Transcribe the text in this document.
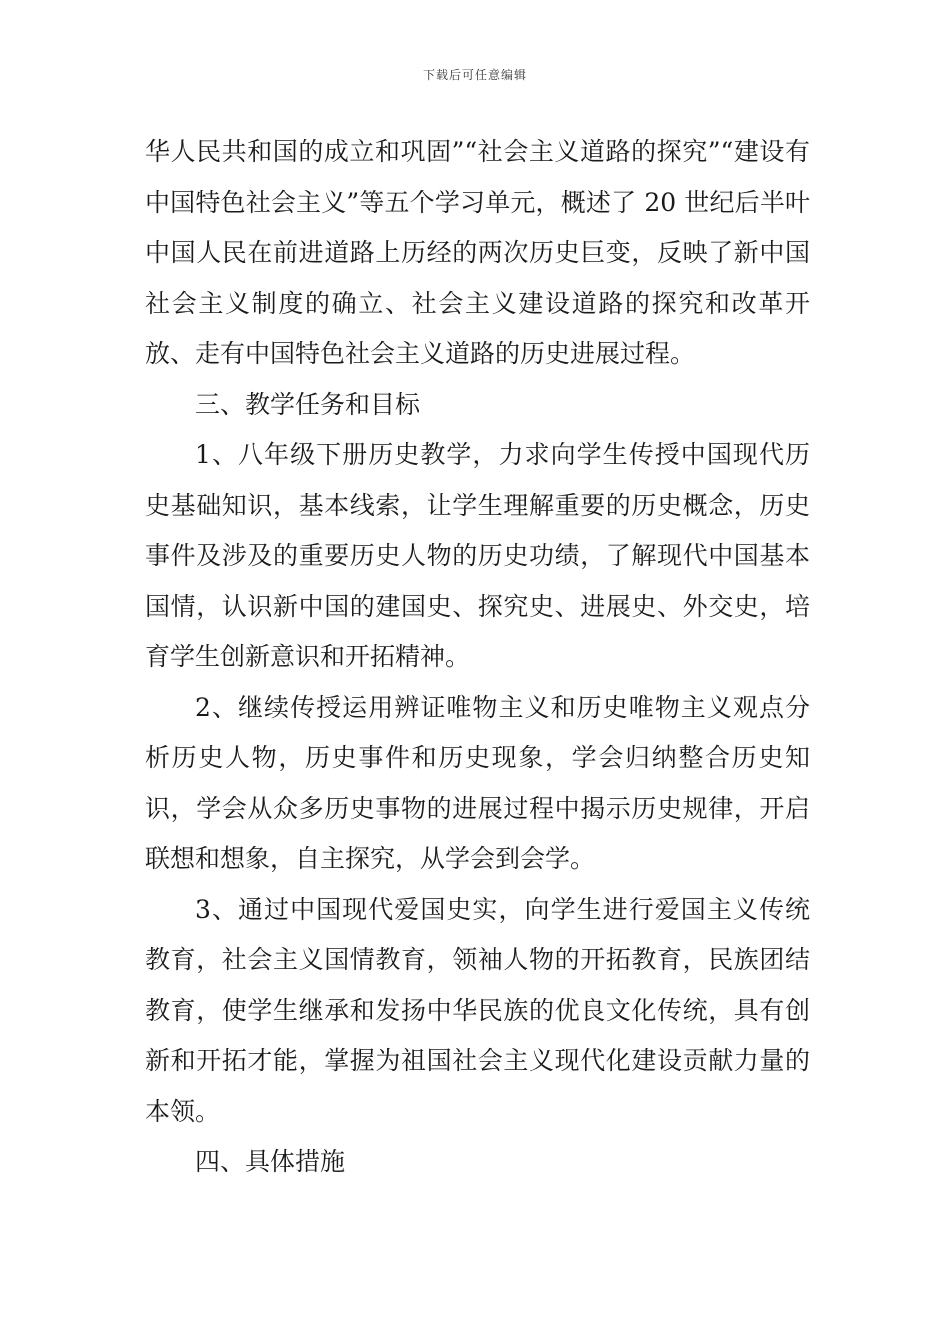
下载后可任意编辑

华人民共和国的成立和巩固”“社会主义道路的探究”“建设有中国特色社会主义”等五个学习单元，概述了 20 世纪后半叶中国人民在前进道路上历经的两次历史巨变，反映了新中国社会主义制度的确立、社会主义建设道路的探究和改革开放、走有中国特色社会主义道路的历史进展过程。

三、教学任务和目标

1、八年级下册历史教学，力求向学生传授中国现代历史基础知识，基本线索，让学生理解重要的历史概念，历史事件及涉及的重要历史人物的历史功绩，了解现代中国基本国情，认识新中国的建国史、探究史、进展史、外交史，培育学生创新意识和开拓精神。

2、继续传授运用辨证唯物主义和历史唯物主义观点分析历史人物，历史事件和历史现象，学会归纳整合历史知识，学会从众多历史事物的进展过程中揭示历史规律，开启联想和想象，自主探究，从学会到会学。

3、通过中国现代爱国史实，向学生进行爱国主义传统教育，社会主义国情教育，领袖人物的开拓教育，民族团结教育，使学生继承和发扬中华民族的优良文化传统，具有创新和开拓才能，掌握为祖国社会主义现代化建设贡献力量的本领。

四、具体措施
